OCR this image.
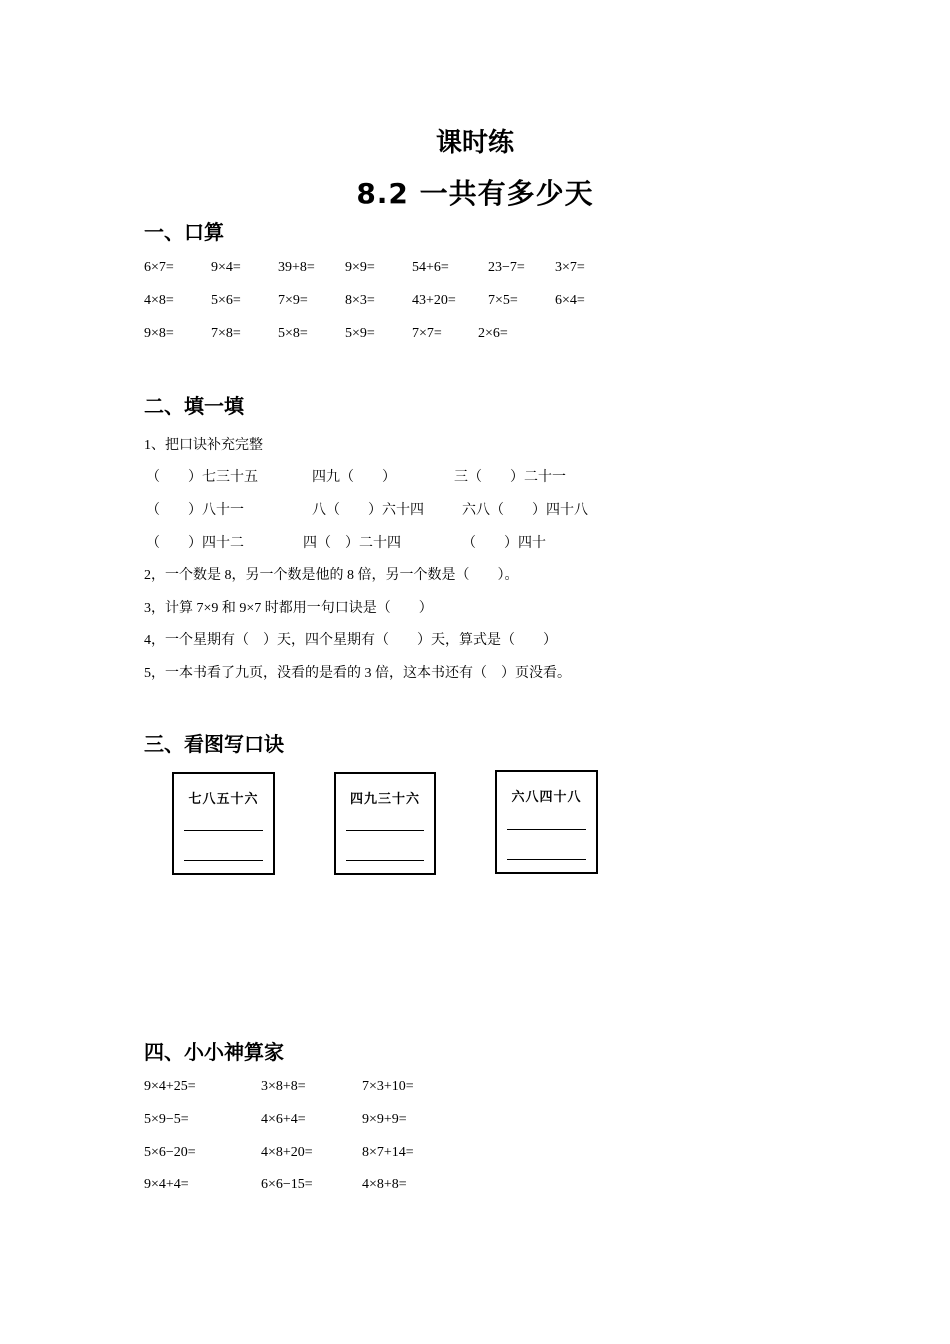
课时练
8.2 一共有多少天
一、口算
6×7=	9×4=	39+8= 9×9=	54+6=	23−7= 3×7=
4×8=	5×6=	7×9=	8×3=	43+20= 7×5=	6×4=
9×8=	7×8=	5×8=	5×9=	7×7=	2×6=
二、填一填
1、把口诀补充完整
（　　）七三十五	四九（　　）	三（　　）二十一
（　　）八十一	八（　　）六十四	六八（　　）四十八
（　　）四十二	四（　）二十四	（　　）四十
2，一个数是 8，另一个数是他的 8 倍，另一个数是（　　）。
3，计算 7×9 和 9×7 时都用一句口诀是（　　）
4，一个星期有（　）天，四个星期有（　　）天，算式是（　　）
5，一本书看了九页，没看的是看的 3 倍，这本书还有（　）页没看。
三、看图写口诀
七八五十六	四九三十六	六八四十八
四、小小神算家
9×4+25=	3×8+8=	7×3+10=
5×9−5=	4×6+4=	9×9+9=
5×6−20=	4×8+20=	8×7+14=
9×4+4=	6×6−15=	4×8+8=
